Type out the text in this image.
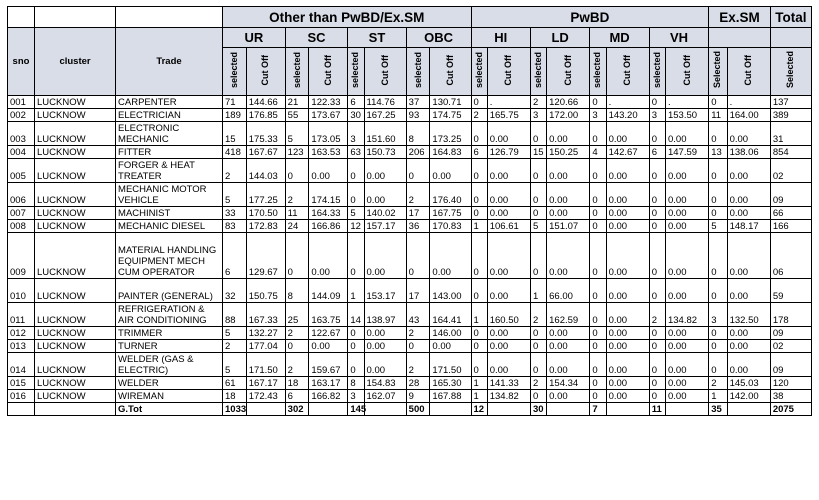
			Other than PwBD/Ex.SM								PwBD								Ex.SM		Total
sno	cluster	Trade	UR		SC		ST		OBC		HI		LD		MD		VH				
			selected	Cut Off	selected	Cut Off	selected	Cut Off	selected	Cut Off	selected	Cut Off	selected	Cut Off	selected	Cut Off	selected	Cut Off	Selected	Cut Off	Selected
001	LUCKNOW	CARPENTER	71	144.66	21	122.33	6	114.76	37	130.71	0	.	2	120.66	0	.	0	.	0	.	137
002	LUCKNOW	ELECTRICIAN	189	176.85	55	173.67	30	167.25	93	174.75	2	165.75	3	172.00	3	143.20	3	153.50	11	164.00	389
003	LUCKNOW	ELECTRONIC MECHANIC	15	175.33	5	173.05	3	151.60	8	173.25	0	0.00	0	0.00	0	0.00	0	0.00	0	0.00	31
004	LUCKNOW	FITTER	418	167.67	123	163.53	63	150.73	206	164.83	6	126.79	15	150.25	4	142.67	6	147.59	13	138.06	854
005	LUCKNOW	FORGER & HEAT TREATER	2	144.03	0	0.00	0	0.00	0	0.00	0	0.00	0	0.00	0	0.00	0	0.00	0	0.00	02
006	LUCKNOW	MECHANIC MOTOR VEHICLE	5	177.25	2	174.15	0	0.00	2	176.40	0	0.00	0	0.00	0	0.00	0	0.00	0	0.00	09
007	LUCKNOW	MACHINIST	33	170.50	11	164.33	5	140.02	17	167.75	0	0.00	0	0.00	0	0.00	0	0.00	0	0.00	66
008	LUCKNOW	MECHANIC DIESEL	83	172.83	24	166.86	12	157.17	36	170.83	1	106.61	5	151.07	0	0.00	0	0.00	5	148.17	166
009	LUCKNOW	MATERIAL HANDLING EQUIPMENT MECH CUM OPERATOR	6	129.67	0	0.00	0	0.00	0	0.00	0	0.00	0	0.00	0	0.00	0	0.00	0	0.00	06
010	LUCKNOW	PAINTER (GENERAL)	32	150.75	8	144.09	1	153.17	17	143.00	0	0.00	1	66.00	0	0.00	0	0.00	0	0.00	59
011	LUCKNOW	REFRIGERATION & AIR CONDITIONING	88	167.33	25	163.75	14	138.97	43	164.41	1	160.50	2	162.59	0	0.00	2	134.82	3	132.50	178
012	LUCKNOW	TRIMMER	5	132.27	2	122.67	0	0.00	2	146.00	0	0.00	0	0.00	0	0.00	0	0.00	0	0.00	09
013	LUCKNOW	TURNER	2	177.04	0	0.00	0	0.00	0	0.00	0	0.00	0	0.00	0	0.00	0	0.00	0	0.00	02
014	LUCKNOW	WELDER (GAS & ELECTRIC)	5	171.50	2	159.67	0	0.00	2	171.50	0	0.00	0	0.00	0	0.00	0	0.00	0	0.00	09
015	LUCKNOW	WELDER	61	167.17	18	163.17	8	154.83	28	165.30	1	141.33	2	154.34	0	0.00	0	0.00	2	145.03	120
016	LUCKNOW	WIREMAN	18	172.43	6	166.82	3	162.07	9	167.88	1	134.82	0	0.00	0	0.00	0	0.00	1	142.00	38
		G.Tot	1033		302		145		500		12		30		7		11		35		2075
